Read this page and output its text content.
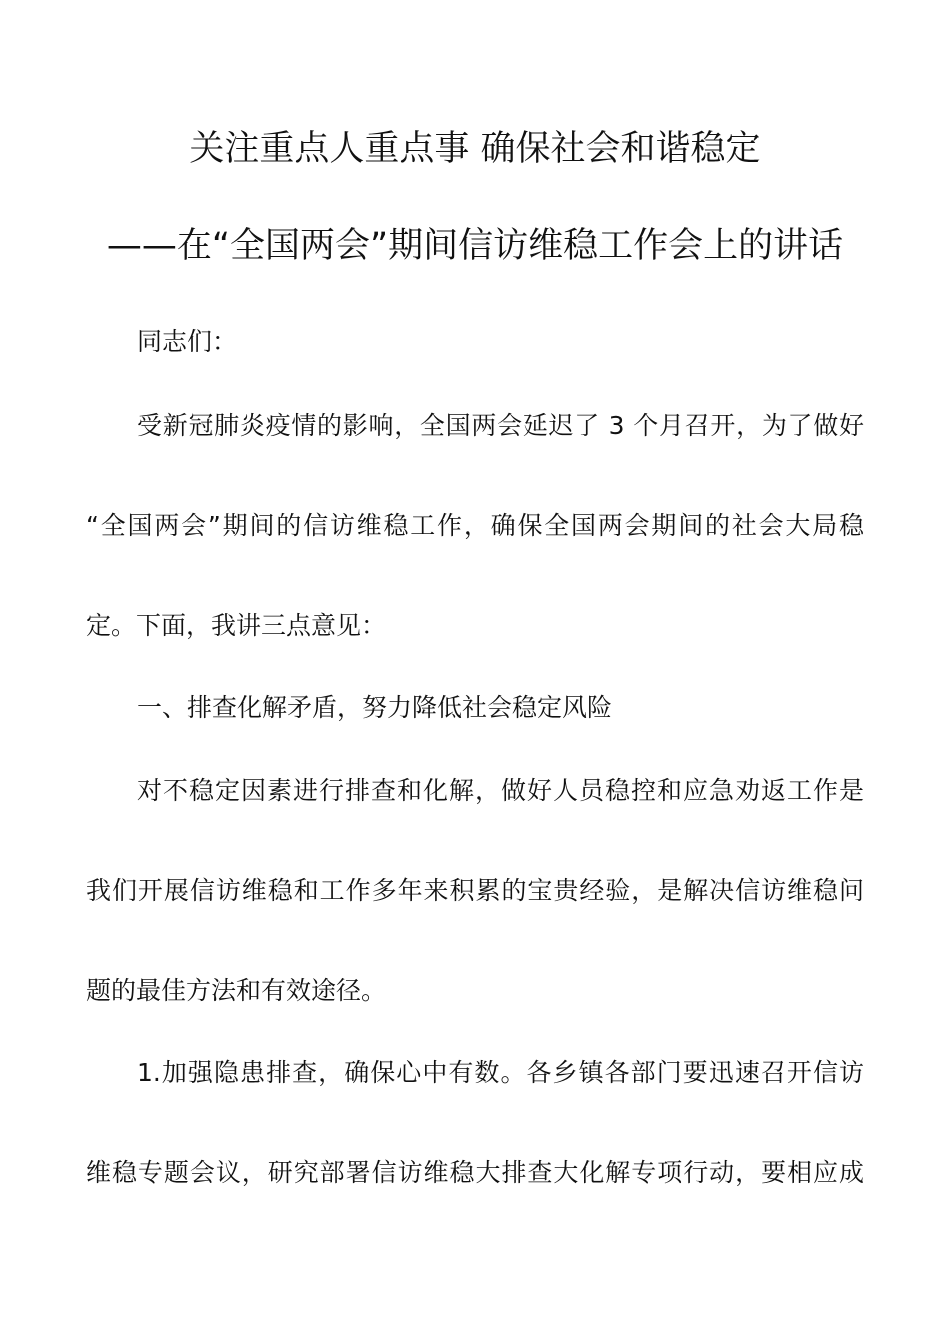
关注重点人重点事 确保社会和谐稳定
——在“全国两会”期间信访维稳工作会上的讲话
同志们：
受新冠肺炎疫情的影响，全国两会延迟了 3 个月召开，为了做好
“全国两会”期间的信访维稳工作，确保全国两会期间的社会大局稳
定。下面，我讲三点意见：
一、排查化解矛盾，努力降低社会稳定风险
对不稳定因素进行排查和化解，做好人员稳控和应急劝返工作是
我们开展信访维稳和工作多年来积累的宝贵经验，是解决信访维稳问
题的最佳方法和有效途径。
1.加强隐患排查，确保心中有数。各乡镇各部门要迅速召开信访
维稳专题会议，研究部署信访维稳大排查大化解专项行动，要相应成
